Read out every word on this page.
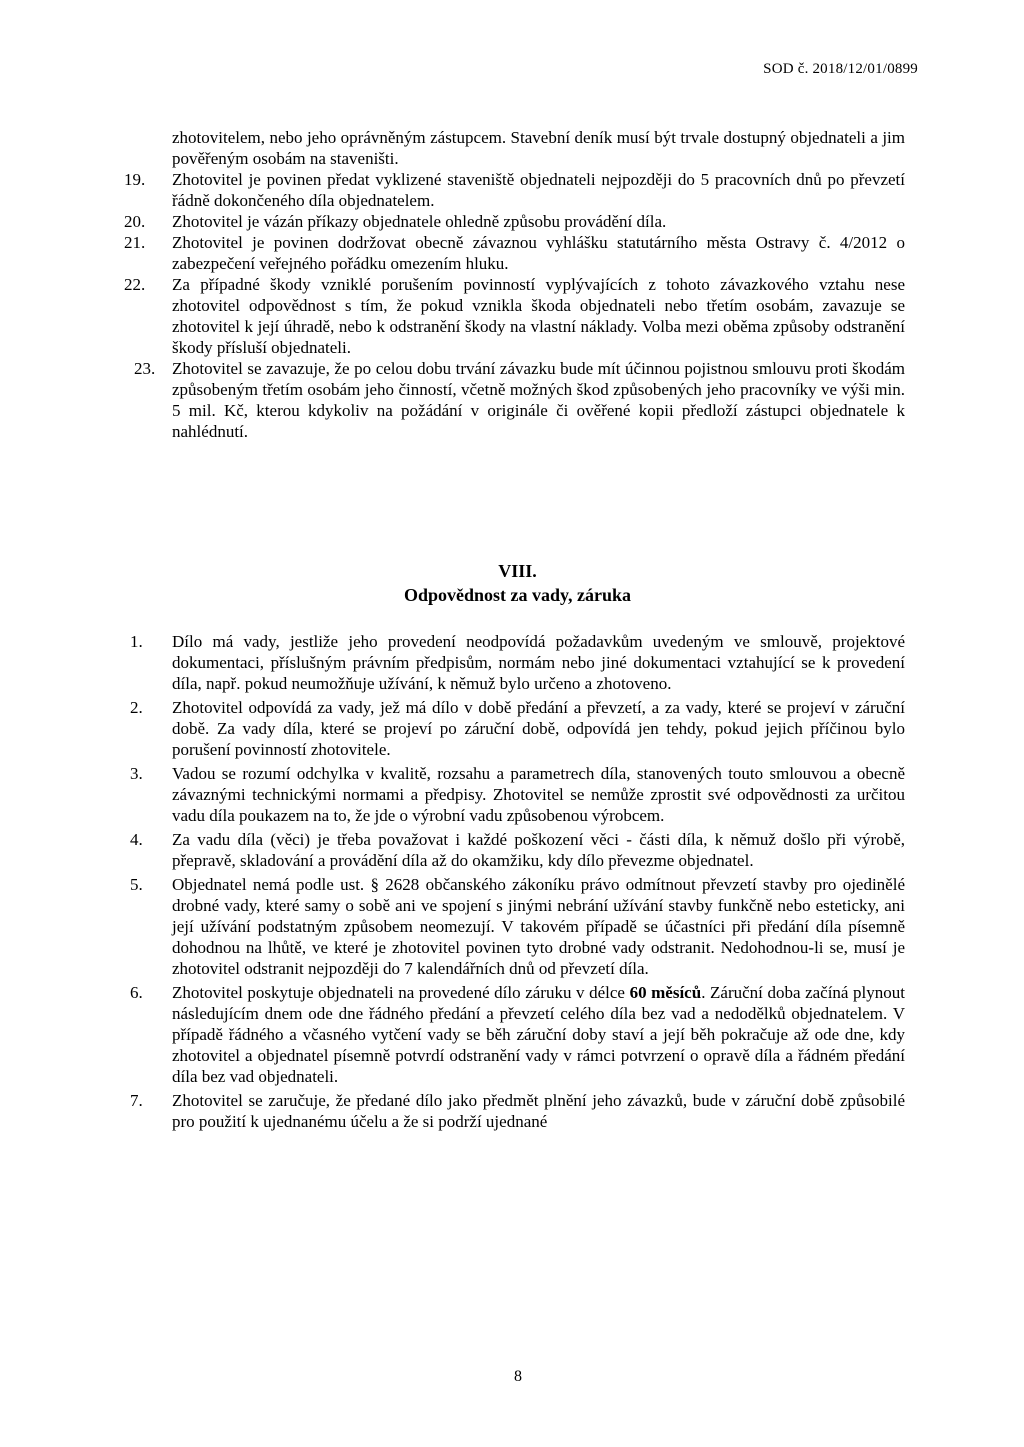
SOD č. 2018/12/01/0899
zhotovitelem, nebo jeho oprávněným zástupcem. Stavební deník musí být trvale dostupný objednateli a jim pověřeným osobám na staveništi.
19.	Zhotovitel je povinen předat vyklizené staveniště objednateli nejpozději do 5 pracovních dnů po převzetí řádně dokončeného díla objednatelem.
20.	Zhotovitel je vázán příkazy objednatele ohledně způsobu provádění díla.
21.	Zhotovitel je povinen dodržovat obecně závaznou vyhlášku statutárního města Ostravy č. 4/2012 o zabezpečení veřejného pořádku omezením hluku.
22.	Za případné škody vzniklé porušením povinností vyplývajících z tohoto závazkového vztahu nese zhotovitel odpovědnost s tím, že pokud vznikla škoda objednateli nebo třetím osobám, zavazuje se zhotovitel k její úhradě, nebo k odstranění škody na vlastní náklady. Volba mezi oběma způsoby odstranění škody přísluší objednateli.
23. Zhotovitel se zavazuje, že po celou dobu trvání závazku bude mít účinnou pojistnou smlouvu proti škodám způsobeným třetím osobám jeho činností, včetně možných škod způsobených jeho pracovníky ve výši min. 5 mil. Kč, kterou kdykoliv na požádání v originále či ověřené kopii předloží zástupci objednatele k nahlédnutí.
VIII.
Odpovědnost za vady, záruka
1.	Dílo má vady, jestliže jeho provedení neodpovídá požadavkům uvedeným ve smlouvě, projektové dokumentaci, příslušným právním předpisům, normám nebo jiné dokumentaci vztahující se k provedení díla, např. pokud neumožňuje užívání, k němuž bylo určeno a zhotoveno.
2.	Zhotovitel odpovídá za vady, jež má dílo v době předání a převzetí, a za vady, které se projeví v záruční době. Za vady díla, které se projeví po záruční době, odpovídá jen tehdy, pokud jejich příčinou bylo porušení povinností zhotovitele.
3.	Vadou se rozumí odchylka v kvalitě, rozsahu a parametrech díla, stanovených touto smlouvou a obecně závaznými technickými normami a předpisy. Zhotovitel se nemůže zprostit své odpovědnosti za určitou vadu díla poukazem na to, že jde o výrobní vadu způsobenou výrobcem.
4.	Za vadu díla (věci) je třeba považovat i každé poškození věci - části díla, k němuž došlo při výrobě, přepravě, skladování a provádění díla až do okamžiku, kdy dílo převezme objednatel.
5.	Objednatel nemá podle ust. § 2628 občanského zákoníku právo odmítnout převzetí stavby pro ojedinělé drobné vady, které samy o sobě ani ve spojení s jinými nebrání užívání stavby funkčně nebo esteticky, ani její užívání podstatným způsobem neomezují. V takovém případě se účastníci při předání díla písemně dohodnou na lhůtě, ve které je zhotovitel povinen tyto drobné vady odstranit. Nedohodnou-li se, musí je zhotovitel odstranit nejpozději do 7 kalendářních dnů od převzetí díla.
6.	Zhotovitel poskytuje objednateli na provedené dílo záruku v délce 60 měsíců. Záruční doba začíná plynout následujícím dnem ode dne řádného předání a převzetí celého díla bez vad a nedodělků objednatelem. V případě řádného a včasného vytčení vady se běh záruční doby staví a její běh pokračuje až ode dne, kdy zhotovitel a objednatel písemně potvrdí odstranění vady v rámci potvrzení o opravě díla a řádném předání díla bez vad objednateli.
7.	Zhotovitel se zaručuje, že předané dílo jako předmět plnění jeho závazků, bude v záruční době způsobilé pro použití k ujednanému účelu a že si podrží ujednané
8
